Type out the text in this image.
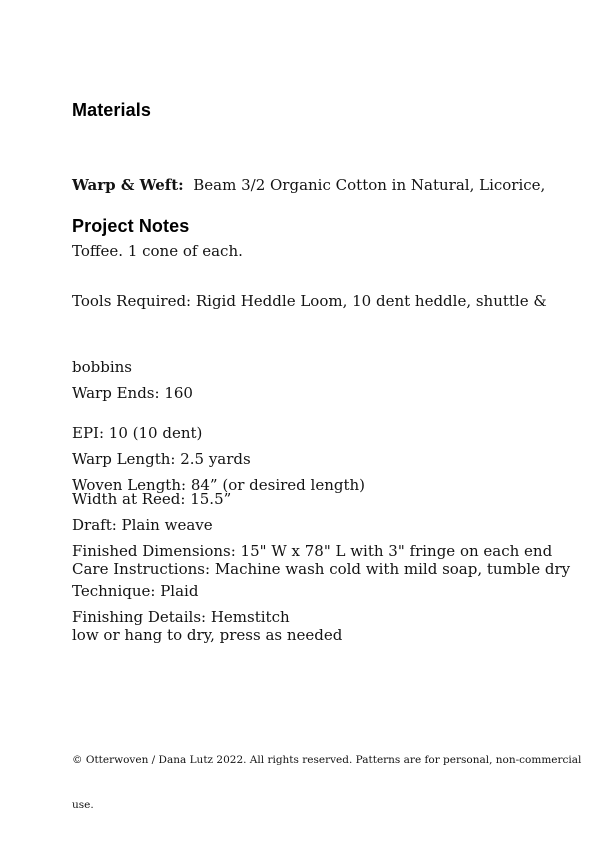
Materials

Warp & Weft:  Beam 3/2 Organic Cotton in Natural, Licorice,

Toffee. 1 cone of each.

Project Notes

Tools Required: Rigid Heddle Loom, 10 dent heddle, shuttle &

bobbins

EPI: 10 (10 dent)

Width at Reed: 15.5”

Warp Ends: 160

Warp Length: 2.5 yards

Draft: Plain weave

Technique: Plaid

Woven Length: 84” (or desired length)

Finished Dimensions: 15" W x 78" L with 3" fringe on each end

Finishing Details: Hemstitch

Care Instructions: Machine wash cold with mild soap, tumble dry

low or hang to dry, press as needed

© Otterwoven / Dana Lutz 2022. All rights reserved. Patterns are for personal, non-commercial

use.
